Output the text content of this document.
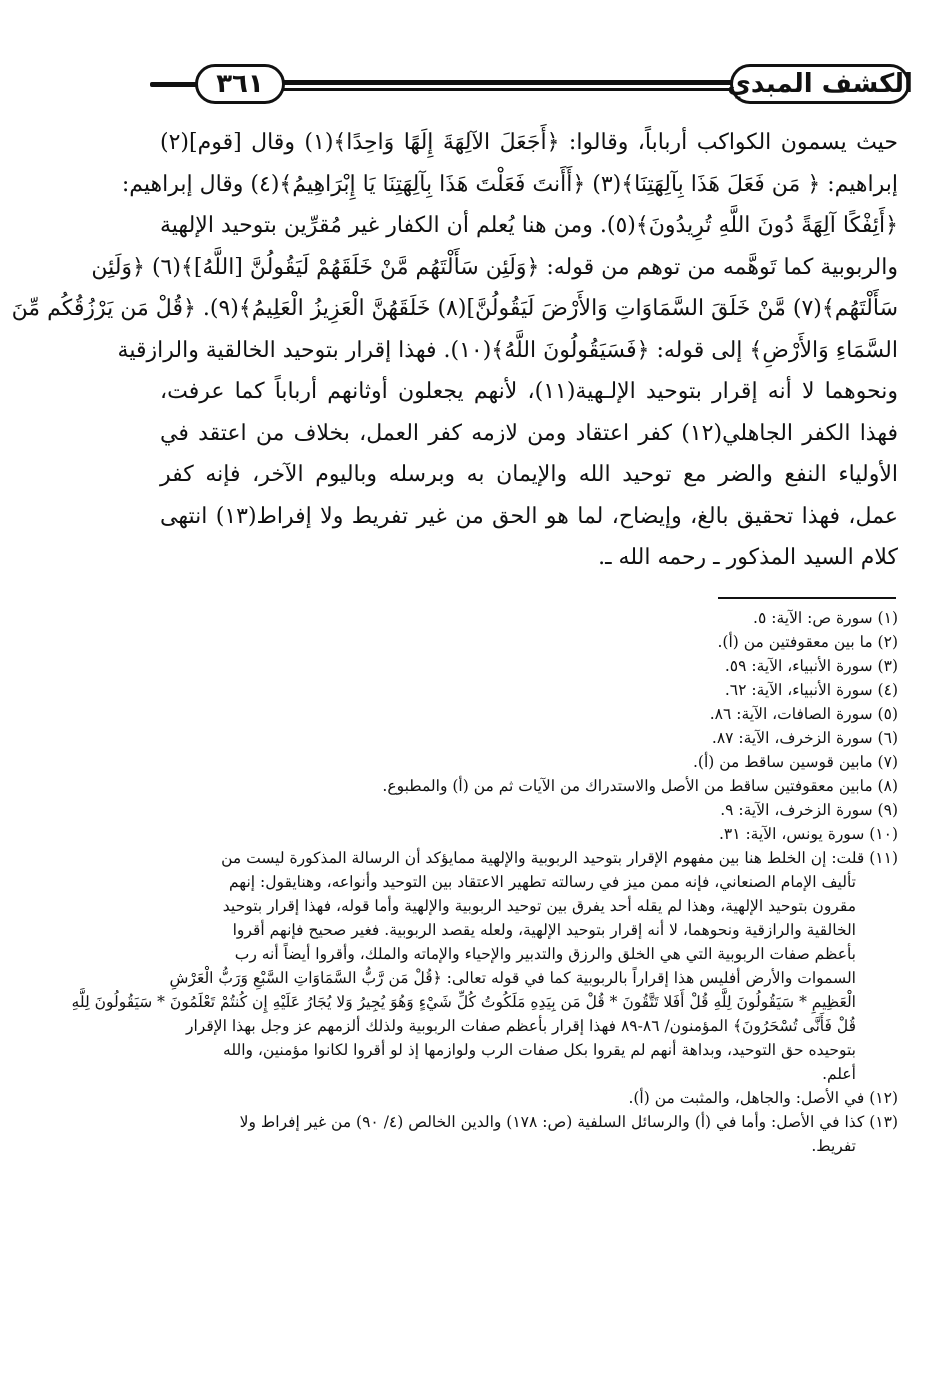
٣٦١	الكشف المبدي
حيث يسمون الكواكب أرباباً، وقالوا: ﴿أَجَعَلَ الآلِهَةَ إِلَهًا وَاحِدًا﴾(١) وقال [قوم](٢)
إبراهيم: ﴿ مَن فَعَلَ هَذَا بِآلِهَتِنَا﴾(٣) ﴿أَأَنتَ فَعَلْتَ هَذَا بِآلِهَتِنَا يَا إِبْرَاهِيمُ﴾(٤) وقال إبراهيم:
﴿أَئِفْكًا آلِهَةً دُونَ اللَّهِ تُرِيدُونَ﴾(٥). ومن هنا يُعلم أن الكفار غير مُقرِّين بتوحيد الإلهية
والربوبية كما تَوهَّمه من توهم من قوله: ﴿وَلَئِن سَأَلْتَهُم مَّنْ خَلَقَهُمْ لَيَقُولُنَّ [اللَّهُ]﴾(٦) ﴿وَلَئِن
سَأَلْتَهُم﴾(٧) مَّنْ خَلَقَ السَّمَاوَاتِ وَالأَرْضَ لَيَقُولُنَّ](٨) خَلَقَهُنَّ الْعَزِيزُ الْعَلِيمُ﴾(٩). ﴿قُلْ مَن يَرْزُقُكُم مِّنَ
السَّمَاءِ وَالأَرْضِ﴾ إلى قوله: ﴿فَسَيَقُولُونَ اللَّهُ﴾(١٠). فهذا إقرار بتوحيد الخالقية والرازقية
ونحوهما لا أنه إقرار بتوحيد الإلـهية(١١)، لأنهم يجعلون أوثانهم أرباباً كما عرفت،
فهذا الكفر الجاهلي(١٢) كفر اعتقاد ومن لازمه كفر العمل، بخلاف من اعتقد في
الأولياء النفع والضر مع توحيد الله والإيمان به وبرسله وباليوم الآخر، فإنه كفر
عمل، فهذا تحقيق بالغ، وإيضاح، لما هو الحق من غير تفريط ولا إفراط(١٣) انتهى
كلام السيد المذكور ـ رحمه الله ـ.
(١) سورة ص: الآية: ٥.
(٢) ما بين معقوفتين من (أ).
(٣) سورة الأنبياء، الآية: ٥٩.
(٤) سورة الأنبياء، الآية: ٦٢.
(٥) سورة الصافات، الآية: ٨٦.
(٦) سورة الزخرف، الآية: ٨٧.
(٧) مابين قوسين ساقط من (أ).
(٨) مابين معقوفتين ساقط من الأصل والاستدراك من الآيات ثم من (أ) والمطبوع.
(٩) سورة الزخرف، الآية: ٩.
(١٠) سورة يونس، الآية: ٣١.
(١١) قلت: إن الخلط هنا بين مفهوم الإقرار بتوحيد الربوبية والإلهية ممايؤكد أن الرسالة المذكورة ليست من
تأليف الإمام الصنعاني، فإنه ممن ميز في رسالته تطهير الاعتقاد بين التوحيد وأنواعه، وهنايقول: إنهم
مقرون بتوحيد الإلهية، وهذا لم يقله أحد يفرق بين توحيد الربوبية والإلهية وأما قوله، فهذا إقرار بتوحيد
الخالقية والرازقية ونحوهما، لا أنه إقرار بتوحيد الإلهية، ولعله يقصد الربوبية. فغير صحيح فإنهم أقروا
بأعظم صفات الربوبية التي هي الخلق والرزق والتدبير والإحياء والإماته والملك، وأقروا أيضاً أنه رب
السموات والأرض أفليس هذا إقراراً بالربوبية كما في قوله تعالى: ﴿قُلْ مَن رَّبُّ السَّمَاوَاتِ السَّبْعِ وَرَبُّ الْعَرْشِ
الْعَظِيمِ * سَيَقُولُونَ لِلَّهِ قُلْ أَفَلا تَتَّقُونَ * قُلْ مَن بِيَدِهِ مَلَكُوتُ كُلِّ شَيْءٍ وَهُوَ يُجِيرُ وَلا يُجَارُ عَلَيْهِ إِن كُنتُمْ تَعْلَمُونَ * سَيَقُولُونَ لِلَّهِ
قُلْ فَأَنَّى تُسْحَرُونَ﴾ المؤمنون/ ٨٦-٨٩ فهذا إقرار بأعظم صفات الربوبية ولذلك ألزمهم عز وجل بهذا الإقرار
بتوحيده حق التوحيد، وبداهة أنهم لم يقروا بكل صفات الرب ولوازمها إذ لو أقروا لكانوا مؤمنين، والله
أعلم.
(١٢) في الأصل: والجاهل، والمثبت من (أ).
(١٣) كذا في الأصل: وأما في (أ) والرسائل السلفية (ص: ١٧٨) والدين الخالص (٤/ ٩٠) من غير إفراط ولا
تفريط.
